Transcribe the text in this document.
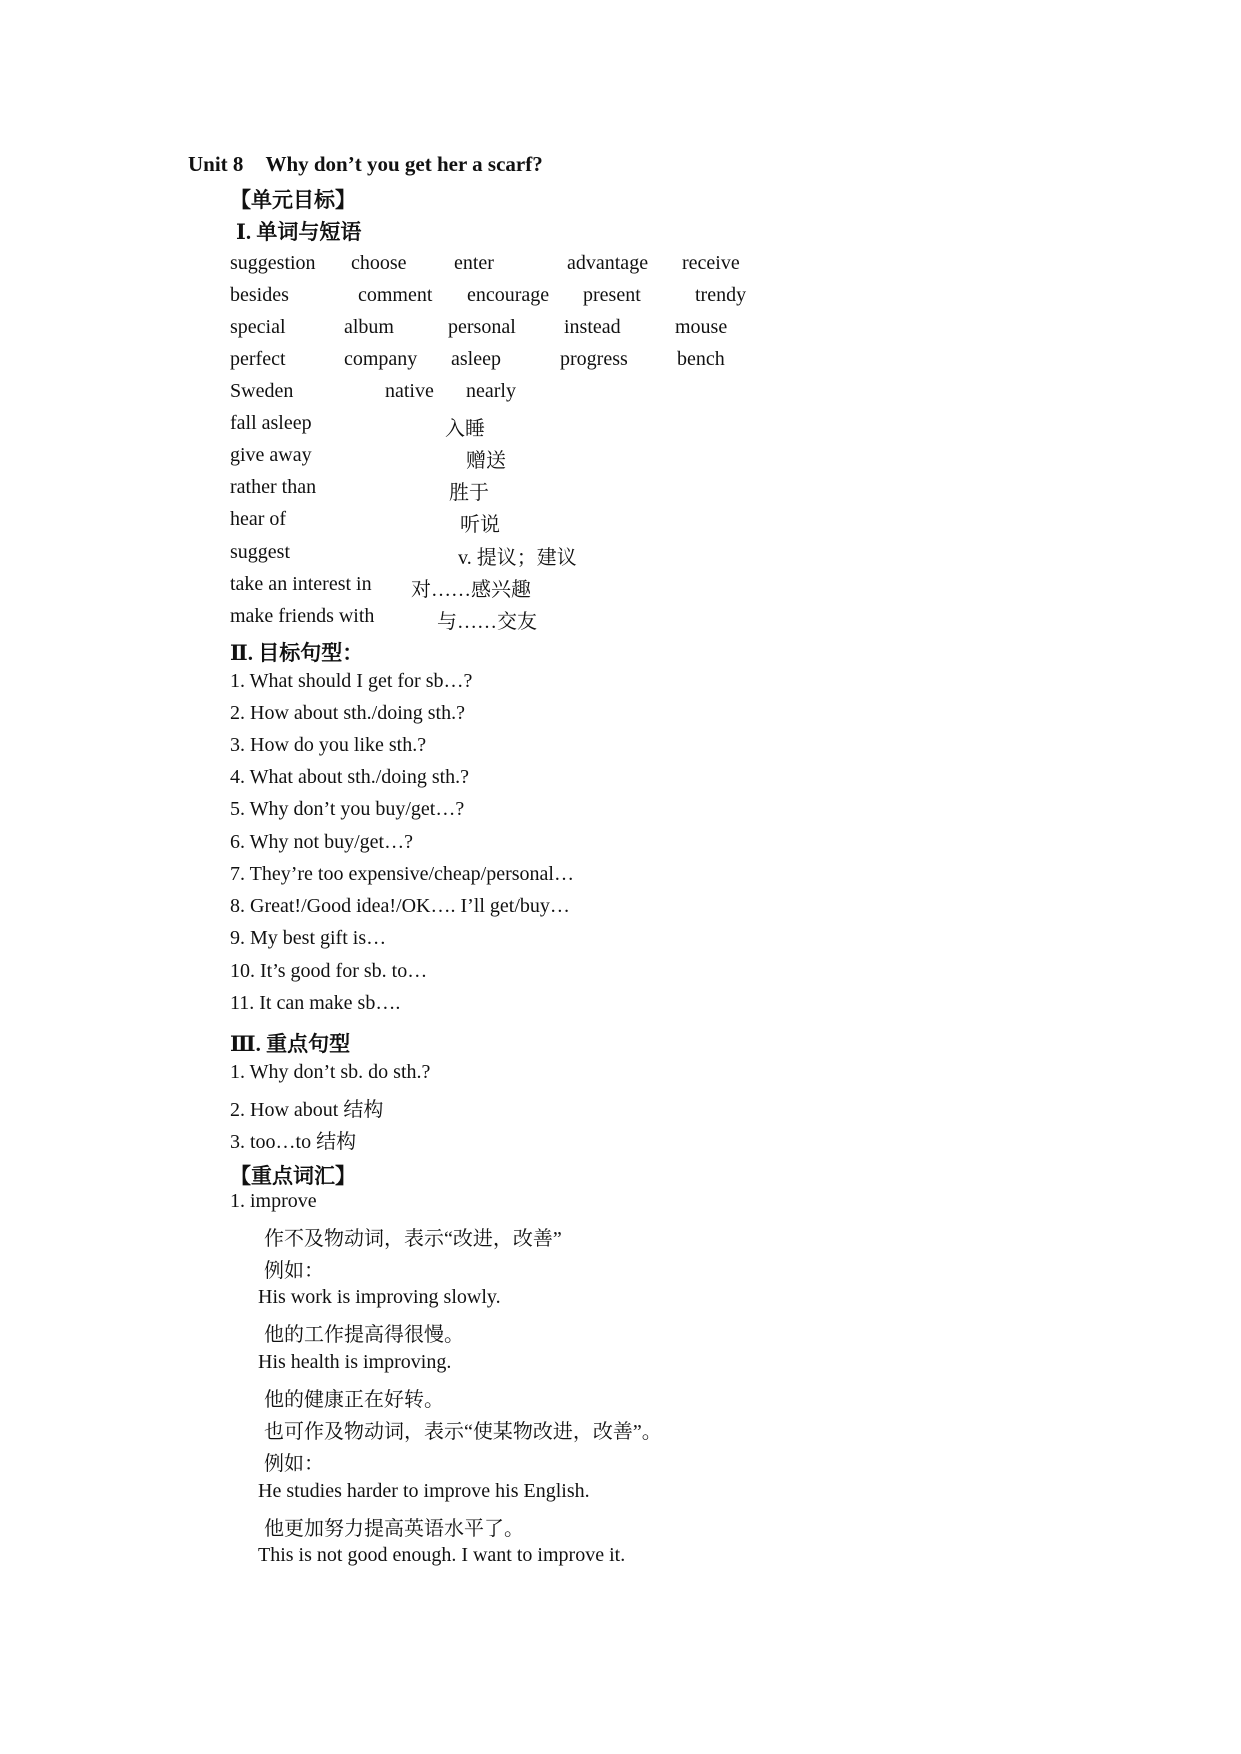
Unit 8 Why don’t you get her a scarf?
【单元目标】
Ⅰ. 单词与短语
suggestion choose enter	advantage receive
besides	comment encourage present	trendy
special	album	personal instead	mouse
perfect	company asleep	progress bench
Sweden	native nearly
fall asleep	入睡
give away	赠送
rather than	胜于
hear of	听说
suggest	v. 提议；建议
take an interest in 对……感兴趣
make friends with	与……交友
Ⅱ. 目标句型：
1. What should I get for sb…?
2. How about sth./doing sth.?
3. How do you like sth.?
4. What about sth./doing sth.?
5. Why don’t you buy/get…?
6. Why not buy/get…?
7. They’re too expensive/cheap/personal…
8. Great!/Good idea!/OK…. I’ll get/buy…
9. My best gift is…
10. It’s good for sb. to…
11. It can make sb….
Ⅲ. 重点句型
1. Why don’t sb. do sth.?
2. How about 结构
3. too…to 结构
【重点词汇】
1. improve
作不及物动词，表示“改进，改善”
例如：
His work is improving slowly.
他的工作提高得很慢。
His health is improving.
他的健康正在好转。
也可作及物动词，表示“使某物改进，改善”。
例如：
He studies harder to improve his English.
他更加努力提高英语水平了。
This is not good enough. I want to improve it.
